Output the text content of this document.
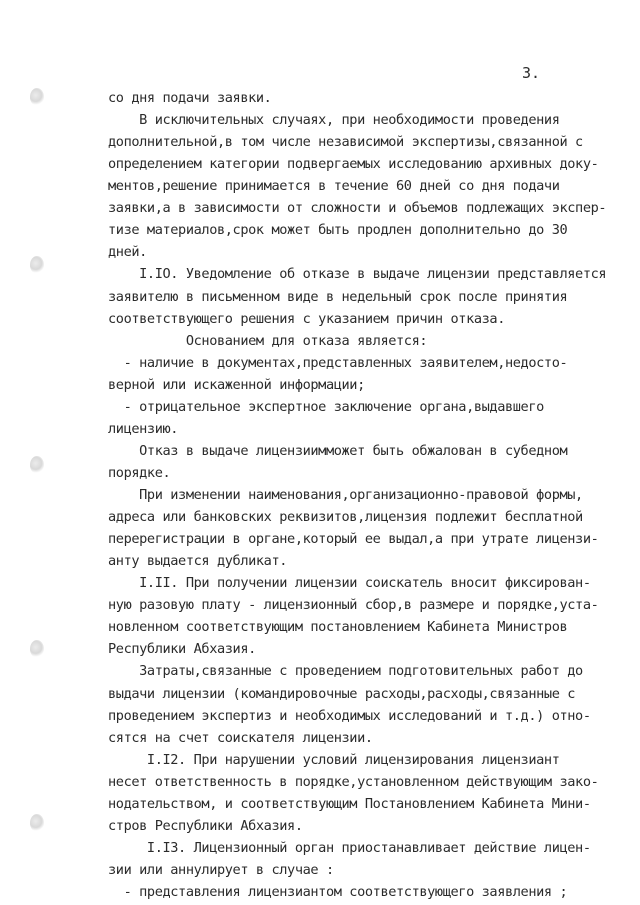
3.
со дня подачи заявки.
В исключительных случаях, при необходимости проведения
дополнительной,в том числе независимой экспертизы,связанной с
определением категории подвергаемых исследованию архивных доку-
ментов,решение принимается в течение 60 дней со дня подачи
заявки,а в зависимости от сложности и объемов подлежащих экспер-
тизе материалов,срок может быть продлен дополнительно до 30
дней.
I.IO. Уведомление об отказе в выдаче лицензии представляется
заявителю в письменном виде в недельный срок после принятия
соответствующего решения с указанием причин отказа.
Основанием для отказа является:
- наличие в документах,представленных заявителем,недосто-
верной или искаженной информации;
- отрицательное экспертное заключение органа,выдавшего
лицензию.
Отказ в выдаче лицензиимможет быть обжалован в субедном
порядке.
При изменении наименования,организационно-правовой формы,
адреса или банковских реквизитов,лицензия подлежит бесплатной
перерегистрации в органе,который ее выдал,а при утрате лицензи-
анту выдается дубликат.
I.II. При получении лицензии соискатель вносит фиксирован-
ную разовую плату - лицензионный сбор,в размере и порядке,уста-
новленном соответствующим постановлением Кабинета Министров
Республики Абхазия.
Затраты,связанные с проведением подготовительных работ до
выдачи лицензии (командировочные расходы,расходы,связанные с
проведением экспертиз и необходимых исследований и т.д.) отно-
сятся на счет соискателя лицензии.
I.I2. При нарушении условий лицензирования лицензиант
несет ответственность в порядке,установленном действующим зако-
нодательством, и соответствующим Постановлением Кабинета Мини-
стров Республики Абхазия.
I.I3. Лицензионный орган приостанавливает действие лицен-
зии или аннулирует в случае :
- представления лицензиантом соответствующего заявления ;
